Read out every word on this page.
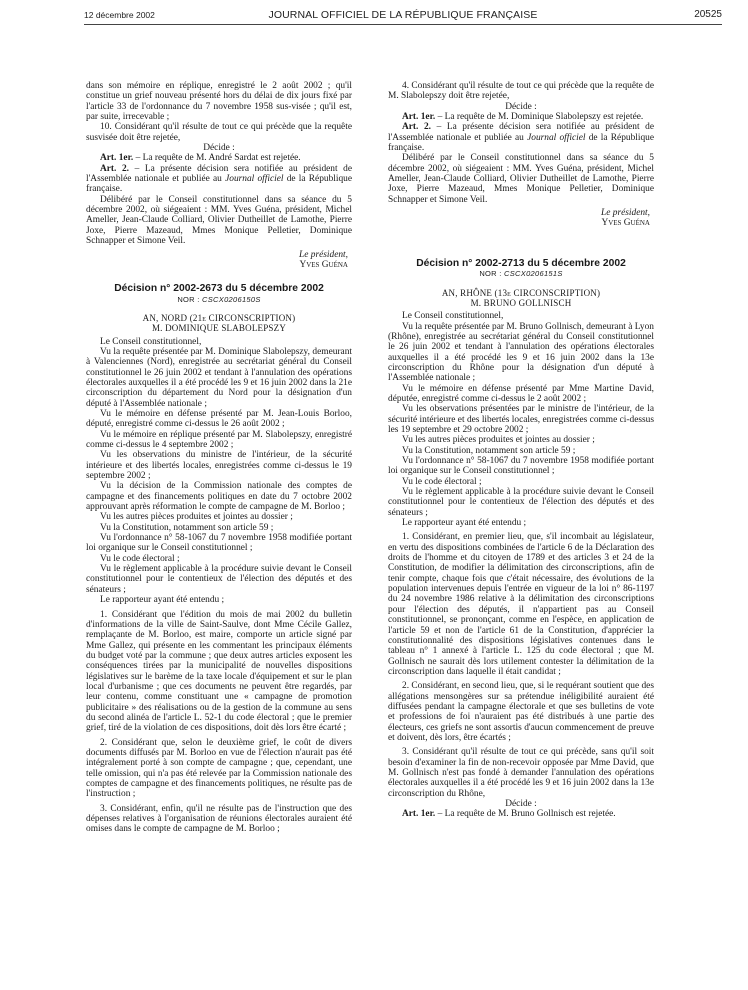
12 décembre 2002	JOURNAL OFFICIEL DE LA RÉPUBLIQUE FRANÇAISE	20525

dans son mémoire en réplique, enregistré le 2 août 2002 ; qu'il constitue un grief nouveau présenté hors du délai de dix jours fixé par l'article 33 de l'ordonnance du 7 novembre 1958 sus-visée ; qu'il est, par suite, irrecevable ;

10. Considérant qu'il résulte de tout ce qui précède que la requête susvisée doit être rejetée,

Décide :

Art. 1er. – La requête de M. André Sardat est rejetée.

Art. 2. – La présente décision sera notifiée au président de l'Assemblée nationale et publiée au Journal officiel de la République française.

Délibéré par le Conseil constitutionnel dans sa séance du 5 décembre 2002, où siégeaient : MM. Yves Guéna, président, Michel Ameller, Jean-Claude Colliard, Olivier Dutheillet de Lamothe, Pierre Joxe, Pierre Mazeaud, Mmes Monique Pelletier, Dominique Schnapper et Simone Veil.

Le président,

Yves Guéna

Décision n° 2002-2673 du 5 décembre 2002

NOR : CSCX0206150S

AN, NORD (21e CIRCONSCRIPTION)

M. DOMINIQUE SLABOLEPSZY

Le Conseil constitutionnel,

Vu la requête présentée par M. Dominique Slabolepszy, demeurant à Valenciennes (Nord), enregistrée au secrétariat général du Conseil constitutionnel le 26 juin 2002 et tendant à l'annulation des opérations électorales auxquelles il a été procédé les 9 et 16 juin 2002 dans la 21e circonscription du département du Nord pour la désignation d'un député à l'Assemblée nationale ;

Vu le mémoire en défense présenté par M. Jean-Louis Borloo, député, enregistré comme ci-dessus le 26 août 2002 ;

Vu le mémoire en réplique présenté par M. Slabolepszy, enregistré comme ci-dessus le 4 septembre 2002 ;

Vu les observations du ministre de l'intérieur, de la sécurité intérieure et des libertés locales, enregistrées comme ci-dessus le 19 septembre 2002 ;

Vu la décision de la Commission nationale des comptes de campagne et des financements politiques en date du 7 octobre 2002 approuvant après réformation le compte de campagne de M. Borloo ;

Vu les autres pièces produites et jointes au dossier ;

Vu la Constitution, notamment son article 59 ;

Vu l'ordonnance n° 58-1067 du 7 novembre 1958 modifiée portant loi organique sur le Conseil constitutionnel ;

Vu le code électoral ;

Vu le règlement applicable à la procédure suivie devant le Conseil constitutionnel pour le contentieux de l'élection des députés et des sénateurs ;

Le rapporteur ayant été entendu ;

1. Considérant que l'édition du mois de mai 2002 du bulletin d'informations de la ville de Saint-Saulve, dont Mme Cécile Gallez, remplaçante de M. Borloo, est maire, comporte un article signé par Mme Gallez, qui présente en les commentant les principaux éléments du budget voté par la commune ; que deux autres articles exposent les conséquences tirées par la municipalité de nouvelles dispositions législatives sur le barème de la taxe locale d'équipement et sur le plan local d'urbanisme ; que ces documents ne peuvent être regardés, par leur contenu, comme constituant une « campagne de promotion publicitaire » des réalisations ou de la gestion de la commune au sens du second alinéa de l'article L. 52-1 du code électoral ; que le premier grief, tiré de la violation de ces dispositions, doit dès lors être écarté ;

2. Considérant que, selon le deuxième grief, le coût de divers documents diffusés par M. Borloo en vue de l'élection n'aurait pas été intégralement porté à son compte de campagne ; que, cependant, une telle omission, qui n'a pas été relevée par la Commission nationale des comptes de campagne et des financements politiques, ne résulte pas de l'instruction ;

3. Considérant, enfin, qu'il ne résulte pas de l'instruction que des dépenses relatives à l'organisation de réunions électorales auraient été omises dans le compte de campagne de M. Borloo ;

4. Considérant qu'il résulte de tout ce qui précède que la requête de M. Slabolepszy doit être rejetée,

Décide :

Art. 1er. – La requête de M. Dominique Slabolepszy est rejetée.

Art. 2. – La présente décision sera notifiée au président de l'Assemblée nationale et publiée au Journal officiel de la République française.

Délibéré par le Conseil constitutionnel dans sa séance du 5 décembre 2002, où siégeaient : MM. Yves Guéna, président, Michel Ameller, Jean-Claude Colliard, Olivier Dutheillet de Lamothe, Pierre Joxe, Pierre Mazeaud, Mmes Monique Pelletier, Dominique Schnapper et Simone Veil.

Le président,

Yves Guéna

Décision n° 2002-2713 du 5 décembre 2002

NOR : CSCX0206151S

AN, RHÔNE (13e CIRCONSCRIPTION)

M. BRUNO GOLLNISCH

Le Conseil constitutionnel,

Vu la requête présentée par M. Bruno Gollnisch, demeurant à Lyon (Rhône), enregistrée au secrétariat général du Conseil constitutionnel le 26 juin 2002 et tendant à l'annulation des opérations électorales auxquelles il a été procédé les 9 et 16 juin 2002 dans la 13e circonscription du Rhône pour la désignation d'un député à l'Assemblée nationale ;

Vu le mémoire en défense présenté par Mme Martine David, députée, enregistré comme ci-dessus le 2 août 2002 ;

Vu les observations présentées par le ministre de l'intérieur, de la sécurité intérieure et des libertés locales, enregistrées comme ci-dessus les 19 septembre et 29 octobre 2002 ;

Vu les autres pièces produites et jointes au dossier ;

Vu la Constitution, notamment son article 59 ;

Vu l'ordonnance n° 58-1067 du 7 novembre 1958 modifiée portant loi organique sur le Conseil constitutionnel ;

Vu le code électoral ;

Vu le règlement applicable à la procédure suivie devant le Conseil constitutionnel pour le contentieux de l'élection des députés et des sénateurs ;

Le rapporteur ayant été entendu ;

1. Considérant, en premier lieu, que, s'il incombait au législateur, en vertu des dispositions combinées de l'article 6 de la Déclaration des droits de l'homme et du citoyen de 1789 et des articles 3 et 24 de la Constitution, de modifier la délimitation des circonscriptions, afin de tenir compte, chaque fois que c'était nécessaire, des évolutions de la population intervenues depuis l'entrée en vigueur de la loi n° 86-1197 du 24 novembre 1986 relative à la délimitation des circonscriptions pour l'élection des députés, il n'appartient pas au Conseil constitutionnel, se prononçant, comme en l'espèce, en application de l'article 59 et non de l'article 61 de la Constitution, d'apprécier la constitutionnalité des dispositions législatives contenues dans le tableau n° 1 annexé à l'article L. 125 du code électoral ; que M. Gollnisch ne saurait dès lors utilement contester la délimitation de la circonscription dans laquelle il était candidat ;

2. Considérant, en second lieu, que, si le requérant soutient que des allégations mensongères sur sa prétendue inéligibilité auraient été diffusées pendant la campagne électorale et que ses bulletins de vote et professions de foi n'auraient pas été distribués à une partie des électeurs, ces griefs ne sont assortis d'aucun commencement de preuve et doivent, dès lors, être écartés ;

3. Considérant qu'il résulte de tout ce qui précède, sans qu'il soit besoin d'examiner la fin de non-recevoir opposée par Mme David, que M. Gollnisch n'est pas fondé à demander l'annulation des opérations électorales auxquelles il a été procédé les 9 et 16 juin 2002 dans la 13e circonscription du Rhône,

Décide :

Art. 1er. – La requête de M. Bruno Gollnisch est rejetée.
